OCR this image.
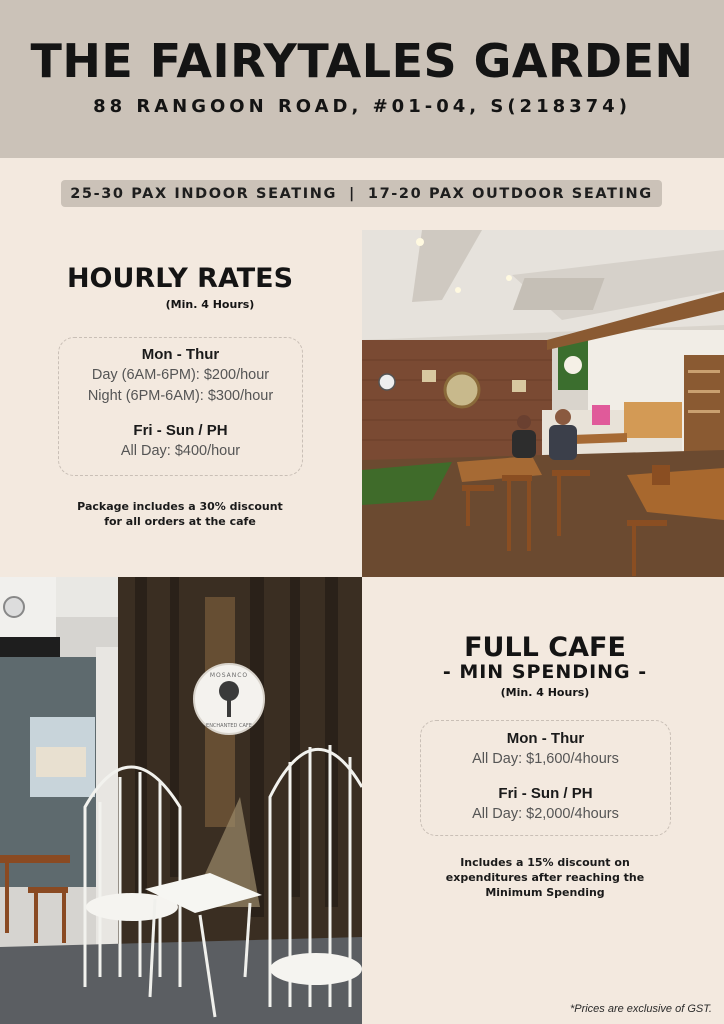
THE FAIRYTALES GARDEN
88 RANGOON ROAD, #01-04, S(218374)
25-30 PAX INDOOR SEATING | 17-20 PAX OUTDOOR SEATING
HOURLY RATES
(Min. 4 Hours)
Mon - Thur
Day (6AM-6PM): $200/hour
Night (6PM-6AM): $300/hour
Fri - Sun / PH
All Day: $400/hour
Package includes a 30% discount
for all orders at the cafe
MOSANCO
ENCHANTED CAFE
FULL CAFE
- MIN SPENDING -
(Min. 4 Hours)
Mon - Thur
All Day: $1,600/4hours
Fri - Sun / PH
All Day: $2,000/4hours
Includes a 15% discount on
expenditures after reaching the
Minimum Spending
*Prices are exclusive of GST.
